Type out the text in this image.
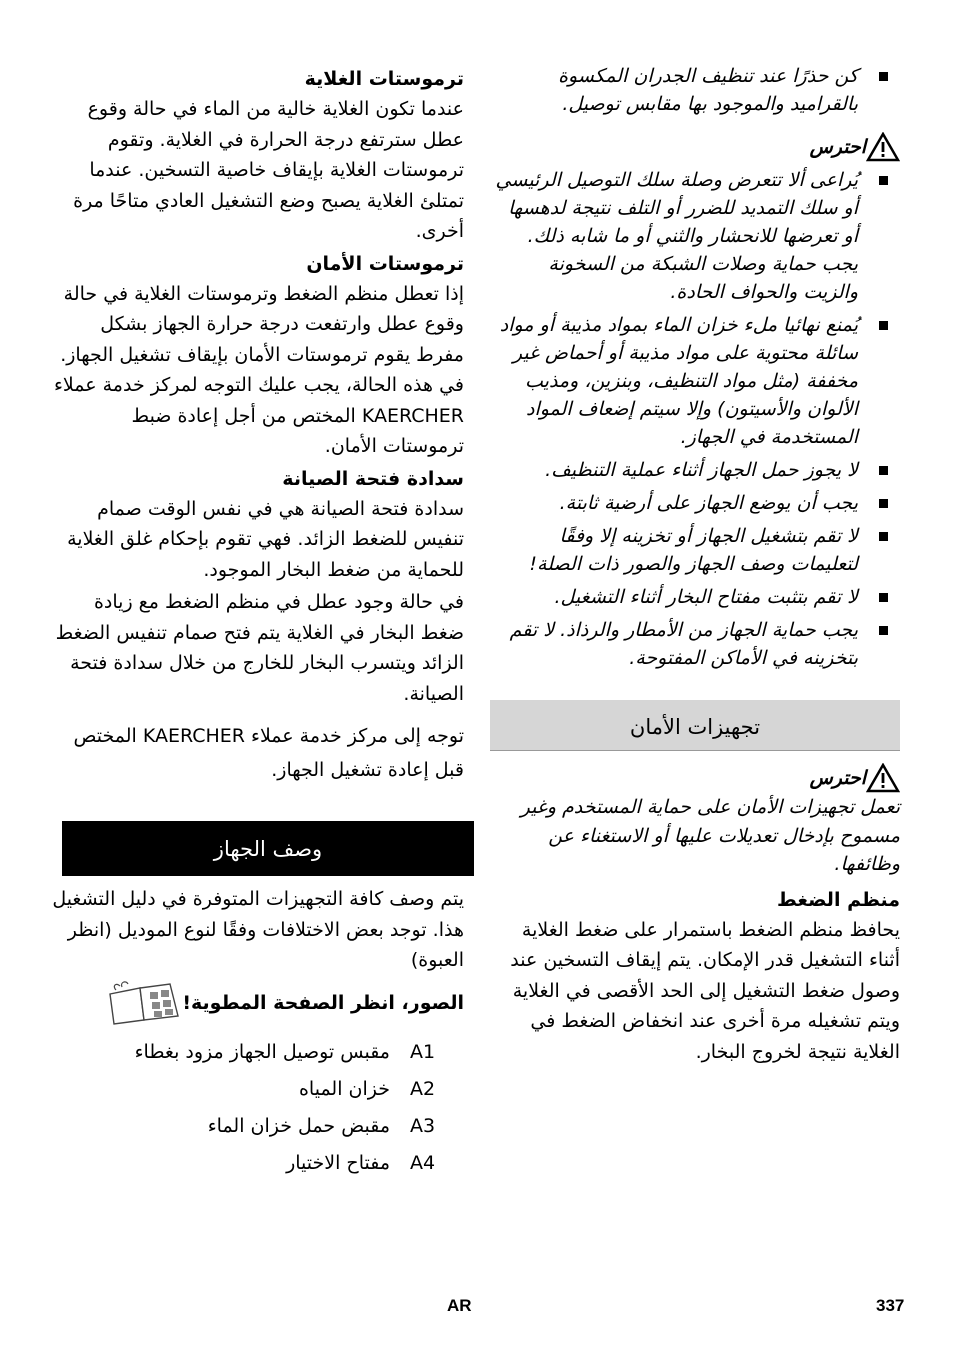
كن حذرًا عند تنظيف الجدران المكسوة بالقراميد والموجود بها مقابس توصيل.
احترس
يُراعى ألا تتعرض وصلة سلك التوصيل الرئيسي أو سلك التمديد للضرر أو التلف نتيجة لدهسها أو تعرضها للانحشار والثني أو ما شابه ذلك. يجب حماية وصلات الشبكة من السخونة والزيت والحواف الحادة.
يُمنع نهائيا ملء خزان الماء بمواد مذيبة أو مواد سائلة محتوية على مواد مذيبة أو أحماض غير مخففة (مثل مواد التنظيف، وبنزين، ومذيب الألوان والأسيتون) وإلا سيتم إضعاف المواد المستخدمة في الجهاز.
لا يجوز حمل الجهاز أثناء عملية التنظيف.
يجب أن يوضع الجهاز على أرضية ثابتة.
لا تقم بتشغيل الجهاز أو تخزينه إلا وفقًا لتعليمات وصف الجهاز والصور ذات الصلة!
لا تقم بتثبت مفتاح البخار أثناء التشغيل.
يجب حماية الجهاز من الأمطار والرذاذ. لا تقم بتخزينه في الأماكن المفتوحة.
تجهيزات الأمان
احترس

تعمل تجهيزات الأمان على حماية المستخدم وغير مسموح بإدخال تعديلات عليها أو الاستغناء عن وظائفها.

منظم الضغط

يحافظ منظم الضغط باستمرار على ضغط الغلاية أثناء التشغيل قدر الإمكان. يتم إيقاف التسخين عند وصول ضغط التشغيل إلى الحد الأقصى في الغلاية ويتم تشغيله مرة أخرى عند انخفاض الضغط في الغلاية نتيجة لخروج البخار.

ترموستات الغلاية

عندما تكون الغلاية خالية من الماء في حالة وقوع عطل سترتفع درجة الحرارة في الغلاية. وتقوم ترموستات الغلاية بإيقاف خاصية التسخين. عندما تمتلئ الغلاية يصبح وضع التشغيل العادي متاحًا مرة أخرى.

ترموستات الأمان

إذا تعطل منظم الضغط وترموستات الغلاية في حالة وقوع عطل وارتفعت درجة حرارة الجهاز بشكل مفرط يقوم ترموستات الأمان بإيقاف تشغيل الجهاز. في هذه الحالة، يجب عليك التوجه لمركز خدمة عملاء KAERCHER المختص من أجل إعادة ضبط ترموستات الأمان.

سدادة فتحة الصيانة

سدادة فتحة الصيانة هي في نفس الوقت صمام تنفيس للضغط الزائد. فهي تقوم بإحكام غلق الغلاية للحماية من ضغط البخار الموجود.

في حالة وجود عطل في منظم الضغط مع زيادة ضغط البخار في الغلاية يتم فتح صمام تنفيس الضغط الزائد ويتسرب البخار للخارج من خلال سدادة فتحة الصيانة.

توجه إلى مركز خدمة عملاء KAERCHER المختص قبل إعادة تشغيل الجهاز.

وصف الجهاز

يتم وصف كافة التجهيزات المتوفرة في دليل التشغيل هذا. توجد بعض الاختلافات وفقًا لنوع الموديل (انظر العبوة)

الصور، انظر الصفحة المطوية!
A1
مقبس توصيل الجهاز مزود بغطاء
A2
خزان المياه
A3
مقبض حمل خزان الماء
A4
مفتاح الاختيار
AR	337
